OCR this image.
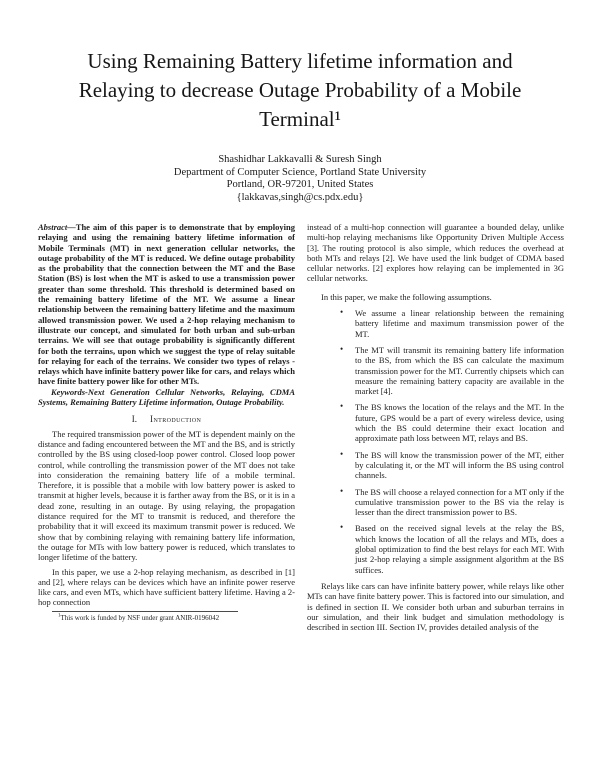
Using Remaining Battery lifetime information and
Relaying to decrease Outage Probability of a Mobile
Terminal¹
Shashidhar Lakkavalli & Suresh Singh
Department of Computer Science, Portland State University
Portland, OR-97201, United States
{lakkavas,singh@cs.pdx.edu}

Abstract—The aim of this paper is to demonstrate that by employing relaying and using the remaining battery lifetime information of Mobile Terminals (MT) in next generation cellular networks, the outage probability of the MT is reduced. We define outage probability as the probability that the connection between the MT and the Base Station (BS) is lost when the MT is asked to use a transmission power greater than some threshold. This threshold is determined based on the remaining battery lifetime of the MT. We assume a linear relationship between the remaining battery lifetime and the maximum allowed transmission power. We used a 2-hop relaying mechanism to illustrate our concept, and simulated for both urban and sub-urban terrains. We will see that outage probability is significantly different for both the terrains, upon which we suggest the type of relay suitable for relaying for each of the terrains. We consider two types of relays - relays which have infinite battery power like for cars, and relays which have finite battery power like for other MTs.

Keywords-Next Generation Cellular Networks, Relaying, CDMA Systems, Remaining Battery Lifetime information, Outage Probability.

I. Introduction

The required transmission power of the MT is dependent mainly on the distance and fading encountered between the MT and the BS, and is strictly controlled by the BS using closed-loop power control. Closed loop power control, while controlling the transmission power of the MT does not take into consideration the remaining battery life of a mobile terminal. Therefore, it is possible that a mobile with low battery power is asked to transmit at higher levels, because it is farther away from the BS, or it is in a dead zone, resulting in an outage. By using relaying, the propagation distance required for the MT to transmit is reduced, and therefore the probability that it will exceed its maximum transmit power is reduced. We show that by combining relaying with remaining battery life information, the outage for MTs with low battery power is reduced, which translates to longer lifetime of the battery.

In this paper, we use a 2-hop relaying mechanism, as described in [1] and [2], where relays can be devices which have an infinite power reserve like cars, and even MTs, which have sufficient battery lifetime. Having a 2-hop connection

$^1$This work is funded by NSF under grant ANIR-0196042

instead of a multi-hop connection will guarantee a bounded delay, unlike multi-hop relaying mechanisms like Opportunity Driven Multiple Access [3]. The routing protocol is also simple, which reduces the overhead at both MTs and relays [2]. We have used the link budget of CDMA based cellular networks. [2] explores how relaying can be implemented in 3G cellular networks.

In this paper, we make the following assumptions.

• We assume a linear relationship between the remaining battery lifetime and maximum transmission power of the MT.
• The MT will transmit its remaining battery life information to the BS, from which the BS can calculate the maximum transmission power for the MT. Currently chipsets which can measure the remaining battery capacity are available in the market [4].
• The BS knows the location of the relays and the MT. In the future, GPS would be a part of every wireless device, using which the BS could determine their exact location and approximate path loss between MT, relays and BS.
• The BS will know the transmission power of the MT, either by calculating it, or the MT will inform the BS using control channels.
• The BS will choose a relayed connection for a MT only if the cumulative transmission power to the BS via the relay is lesser than the direct transmission power to BS.
• Based on the received signal levels at the relay the BS, which knows the location of all the relays and MTs, does a global optimization to find the best relays for each MT. With just 2-hop relaying a simple assignment algorithm at the BS suffices.

Relays like cars can have infinite battery power, while relays like other MTs can have finite battery power. This is factored into our simulation, and is defined in section II. We consider both urban and suburban terrains in our simulation, and their link budget and simulation methodology is described in section III. Section IV, provides detailed analysis of the
